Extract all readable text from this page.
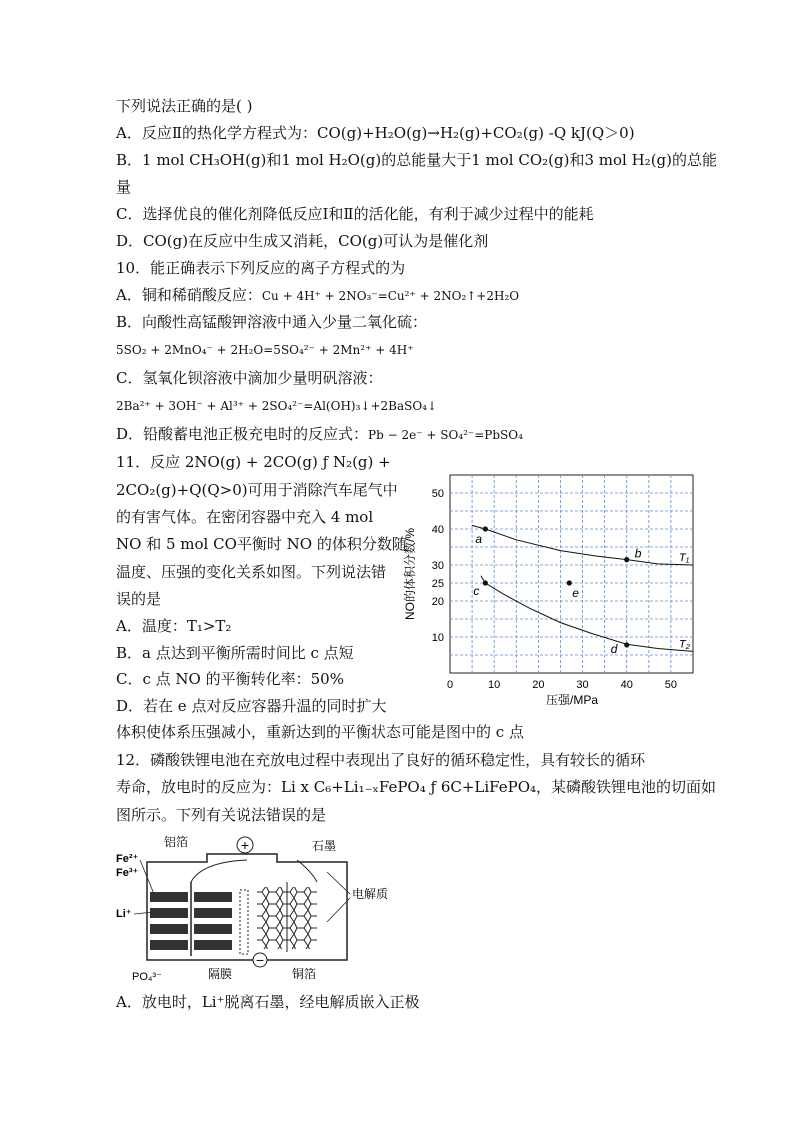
下列说法正确的是( )
A．反应Ⅱ的热化学方程式为：CO(g)+H₂O(g)→H₂(g)+CO₂(g) -Q kJ(Q＞0)
B．1 mol CH₃OH(g)和1 mol H₂O(g)的总能量大于1 mol CO₂(g)和3 mol H₂(g)的总能
量
C．选择优良的催化剂降低反应Ⅰ和Ⅱ的活化能，有利于减少过程中的能耗
D．CO(g)在反应中生成又消耗，CO(g)可认为是催化剂
10．能正确表示下列反应的离子方程式的为
A．铜和稀硝酸反应：Cu + 4H⁺ + 2NO₃⁻=Cu²⁺ + 2NO₂↑+2H₂O
B．向酸性高锰酸钾溶液中通入少量二氧化硫：
5SO₂ + 2MnO₄⁻ + 2H₂O=5SO₄²⁻ + 2Mn²⁺ + 4H⁺
C．氢氧化钡溶液中滴加少量明矾溶液：
2Ba²⁺ + 3OH⁻ + Al³⁺ + 2SO₄²⁻=Al(OH)₃↓+2BaSO₄↓
D．铅酸蓄电池正极充电时的反应式：Pb − 2e⁻ + SO₄²⁻=PbSO₄
11．反应 2NO(g) + 2CO(g) ƒ N₂(g) +
2CO₂(g)+Q(Q>0)可用于消除汽车尾气中
的有害气体。在密闭容器中充入 4 mol
NO 和 5 mol CO平衡时 NO 的体积分数随
温度、压强的变化关系如图。下列说法错
误的是
A．温度：T₁>T₂
B．a 点达到平衡所需时间比 c 点短
C．c 点 NO 的平衡转化率：50%
D．若在 e 点对反应容器升温的同时扩大
体积使体系压强减小，重新达到的平衡状态可能是图中的 c 点
0	10	20	30	40	50
10
20
25
30
40
50
T₁
T₂
a
b
c
d
e
压强/MPa
NO的体积分数/%
12．磷酸铁锂电池在充放电过程中表现出了良好的循环稳定性，具有较长的循环
寿命，放电时的反应为：Li x C₆+Li₁₋ₓFePO₄ ƒ 6C+LiFePO₄，某磷酸铁锂电池的切面如
图所示。下列有关说法错误的是
+
−
Fe²⁺
Fe³⁺
Li⁺
PO₄³⁻
铝箔	石墨
电解质
隔膜	铜箔
A．放电时，Li⁺脱离石墨，经电解质嵌入正极
